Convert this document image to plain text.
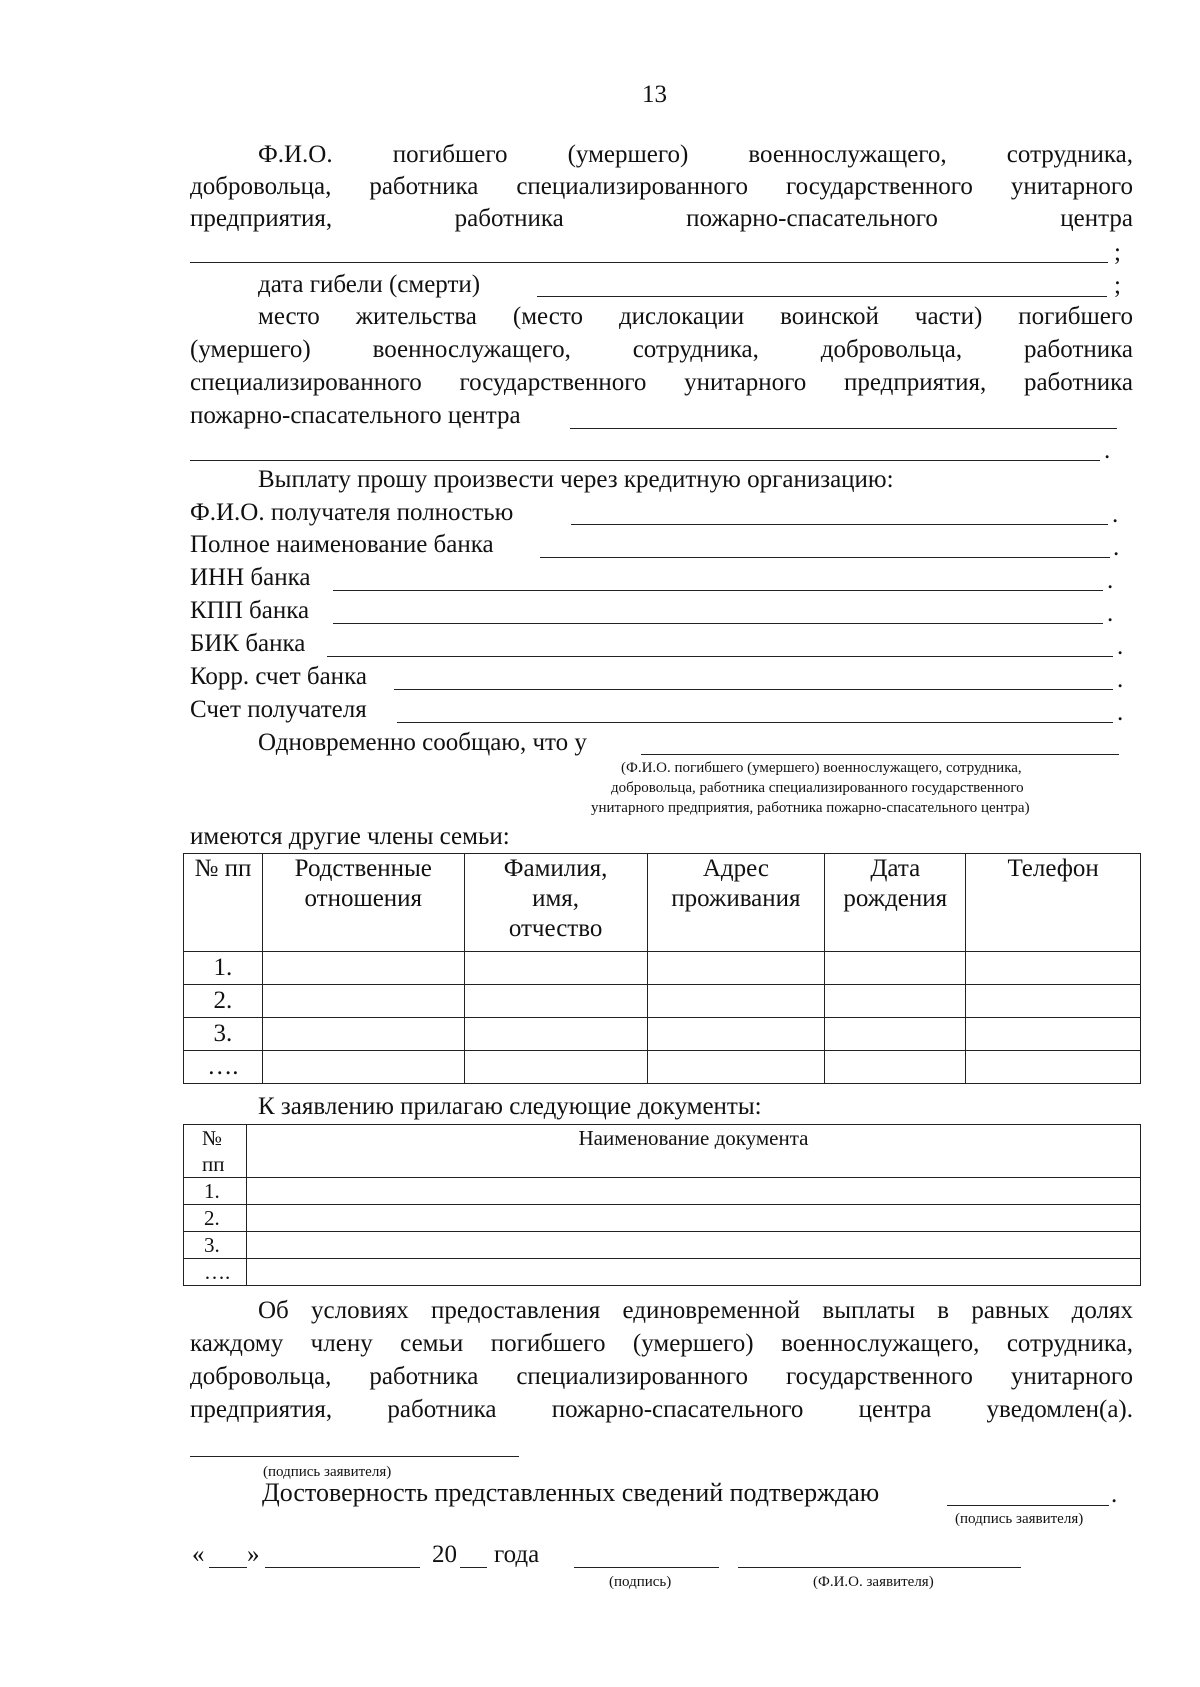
13
Ф.И.О. погибшего (умершего) военнослужащего, сотрудника,
добровольца, работника специализированного государственного унитарного
предприятия, работника пожарно-спасательного центра
;
дата гибели (смерти)	;
место жительства (место дислокации воинской части) погибшего
(умершего) военнослужащего, сотрудника, добровольца, работника
специализированного государственного унитарного предприятия, работника
пожарно-спасательного центра
.
Выплату прошу произвести через кредитную организацию:
Ф.И.О. получателя полностью	.
Полное наименование банка	.
ИНН банка	.
КПП банка	.
БИК банка	.
Корр. счет банка	.
Счет получателя	.
Одновременно сообщаю, что у
(Ф.И.О. погибшего (умершего) военнослужащего, сотрудника,
добровольца, работника специализированного государственного
унитарного предприятия, работника пожарно-спасательного центра)
имеются другие члены семьи:
№ пп	Родственные отношения	Фамилия, имя, отчество	Адрес проживания	Дата рождения	Телефон
1.					
2.					
3.					
….					
К заявлению прилагаю следующие документы:
№ пп	Наименование документа
1.	
2.	
3.	
….	
Об условиях предоставления единовременной выплаты в равных долях
каждому члену семьи погибшего (умершего) военнослужащего, сотрудника,
добровольца, работника специализированного государственного унитарного
предприятия, работника пожарно-спасательного центра уведомлен(а).
(подпись заявителя)
Достоверность представленных сведений подтверждаю	.
(подпись заявителя)
« »	20 года
(подпись)	(Ф.И.О. заявителя)
